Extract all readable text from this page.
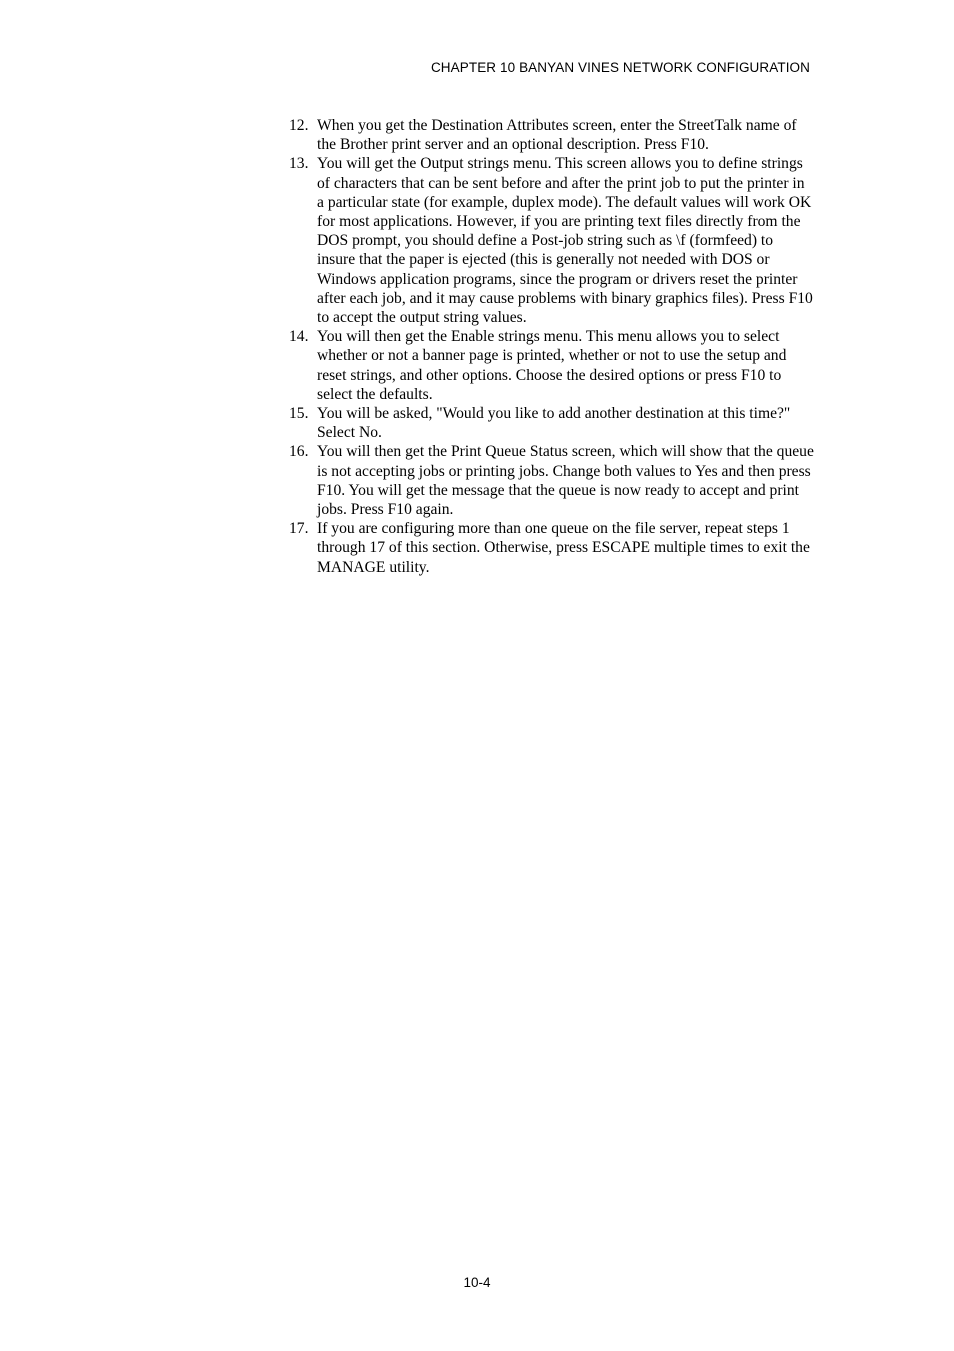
CHAPTER 10 BANYAN VINES NETWORK CONFIGURATION
12. When you get the Destination Attributes screen, enter the StreetTalk name of the Brother print server and an optional description. Press F10.
13. You will get the Output strings menu. This screen allows you to define strings of characters that can be sent before and after the print job to put the printer in a particular state (for example, duplex mode). The default values will work OK for most applications. However, if you are printing text files directly from the DOS prompt, you should define a Post-job string such as \f (formfeed) to insure that the paper is ejected (this is generally not needed with DOS or Windows application programs, since the program or drivers reset the printer after each job, and it may cause problems with binary graphics files). Press F10 to accept the output string values.
14. You will then get the Enable strings menu. This menu allows you to select whether or not a banner page is printed, whether or not to use the setup and reset strings, and other options. Choose the desired options or press F10 to select the defaults.
15. You will be asked, "Would you like to add another destination at this time?" Select No.
16. You will then get the Print Queue Status screen, which will show that the queue is not accepting jobs or printing jobs. Change both values to Yes and then press F10. You will get the message that the queue is now ready to accept and print jobs. Press F10 again.
17. If you are configuring more than one queue on the file server, repeat steps 1 through 17 of this section. Otherwise, press ESCAPE multiple times to exit the MANAGE utility.
10-4
